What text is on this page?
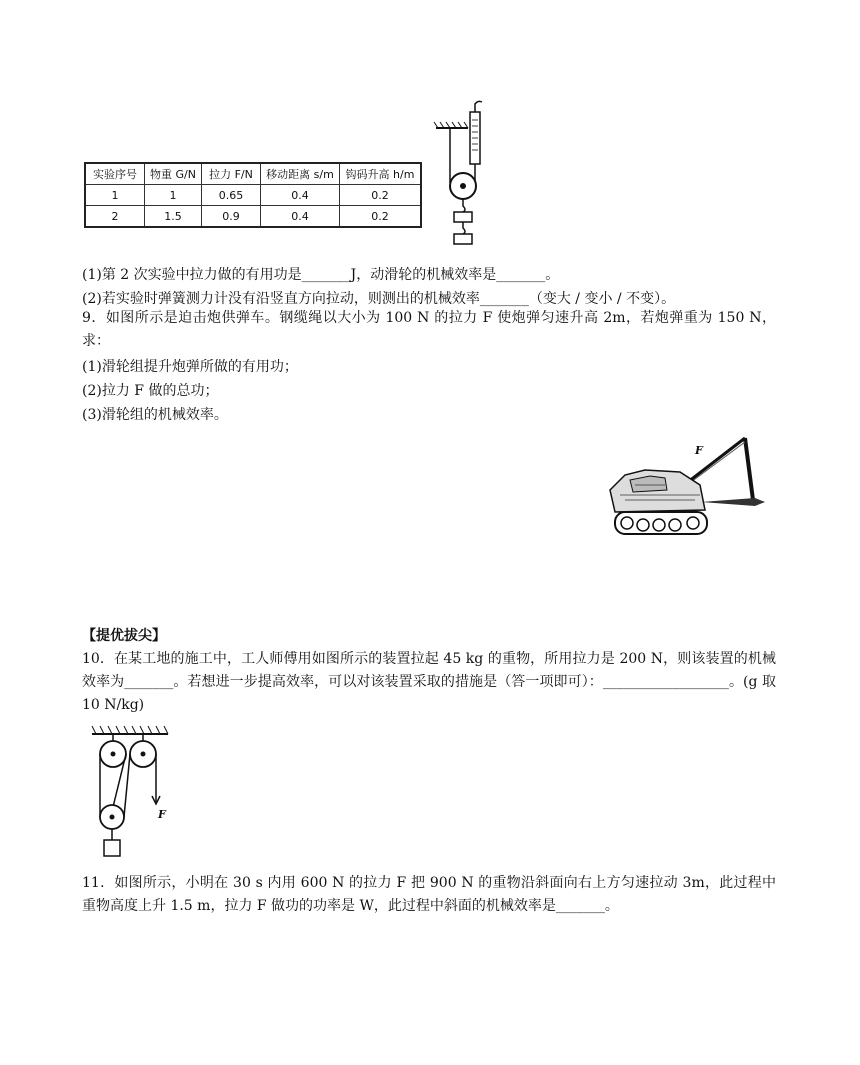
实验序号	物重 G/N	拉力 F/N	移动距离 s/m	钩码升高 h/m
1	1	0.65	0.4	0.2
2	1.5	0.9	0.4	0.2
(1)第 2 次实验中拉力做的有用功是_______J，动滑轮的机械效率是_______。
(2)若实验时弹簧测力计没有沿竖直方向拉动，则测出的机械效率_______（变大 / 变小 / 不变）。
9．如图所示是迫击炮供弹车。钢缆绳以大小为 100 N 的拉力 F 使炮弹匀速升高 2m，若炮弹重为 150 N，求：
(1)滑轮组提升炮弹所做的有用功；
(2)拉力 F 做的总功；
(3)滑轮组的机械效率。
F
【提优拔尖】
10．在某工地的施工中，工人师傅用如图所示的装置拉起 45 kg 的重物，所用拉力是 200 N，则该装置的机械效率为_______。若想进一步提高效率，可以对该装置采取的措施是（答一项即可）：__________________。(g 取 10 N/kg)
F
11．如图所示，小明在 30 s 内用 600 N 的拉力 F 把 900 N 的重物沿斜面向右上方匀速拉动 3m，此过程中重物高度上升 1.5 m，拉力 F 做功的功率是 W，此过程中斜面的机械效率是_______。
